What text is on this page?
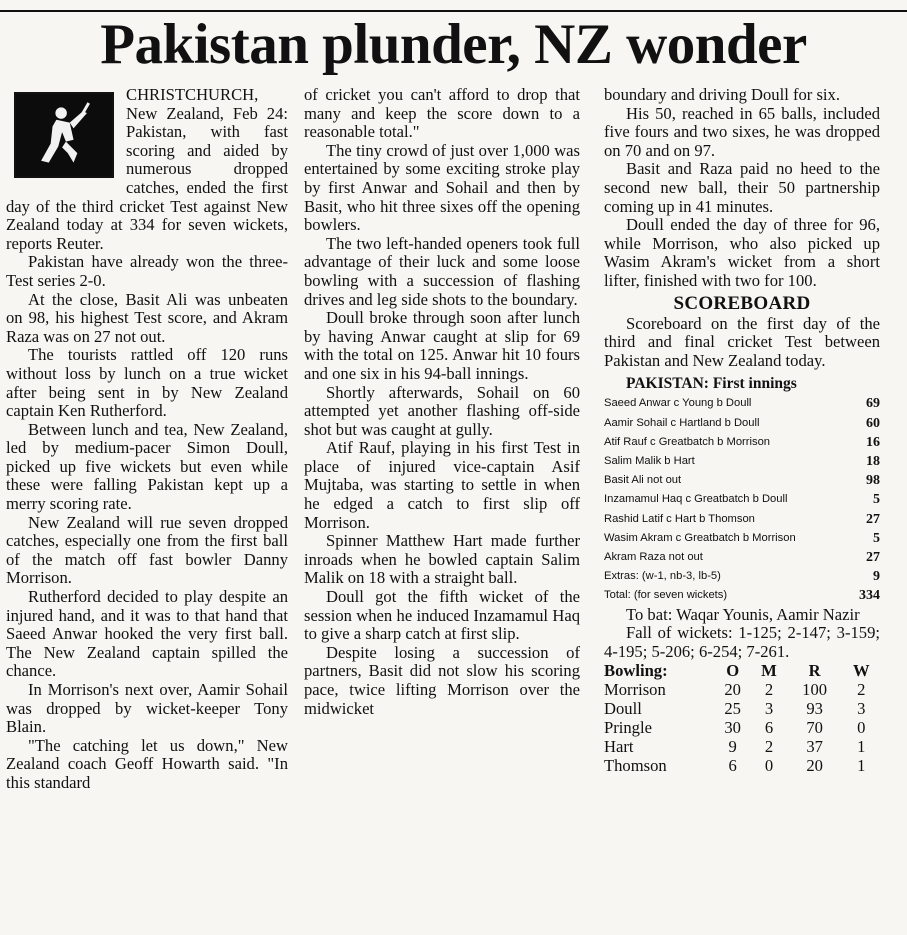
Pakistan plunder, NZ wonder

CHRISTCHURCH, New Zealand, Feb 24: Pakistan, with fast scoring and aided by numerous dropped catches, ended the first day of the third cricket Test against New Zealand today at 334 for seven wickets, reports Reuter.

Pakistan have already won the three-Test series 2-0.

At the close, Basit Ali was unbeaten on 98, his highest Test score, and Akram Raza was on 27 not out.

The tourists rattled off 120 runs without loss by lunch on a true wicket after being sent in by New Zealand captain Ken Rutherford.

Between lunch and tea, New Zealand, led by medium-pacer Simon Doull, picked up five wickets but even while these were falling Pakistan kept up a merry scoring rate.

New Zealand will rue seven dropped catches, especially one from the first ball of the match off fast bowler Danny Morrison.

Rutherford decided to play despite an injured hand, and it was to that hand that Saeed Anwar hooked the very first ball. The New Zealand captain spilled the chance.

In Morrison's next over, Aamir Sohail was dropped by wicket-keeper Tony Blain.

"The catching let us down," New Zealand coach Geoff Howarth said. "In this standard

of cricket you can't afford to drop that many and keep the score down to a reasonable total."

The tiny crowd of just over 1,000 was entertained by some exciting stroke play by first Anwar and Sohail and then by Basit, who hit three sixes off the opening bowlers.

The two left-handed openers took full advantage of their luck and some loose bowling with a succession of flashing drives and leg side shots to the boundary.

Doull broke through soon after lunch by having Anwar caught at slip for 69 with the total on 125. Anwar hit 10 fours and one six in his 94-ball innings.

Shortly afterwards, Sohail on 60 attempted yet another flashing off-side shot but was caught at gully.

Atif Rauf, playing in his first Test in place of injured vice-captain Asif Mujtaba, was starting to settle in when he edged a catch to first slip off Morrison.

Spinner Matthew Hart made further inroads when he bowled captain Salim Malik on 18 with a straight ball.

Doull got the fifth wicket of the session when he induced Inzamamul Haq to give a sharp catch at first slip.

Despite losing a succession of partners, Basit did not slow his scoring pace, twice lifting Morrison over the midwicket

boundary and driving Doull for six.

His 50, reached in 65 balls, included five fours and two sixes, he was dropped on 70 and on 97.

Basit and Raza paid no heed to the second new ball, their 50 partnership coming up in 41 minutes.

Doull ended the day of three for 96, while Morrison, who also picked up Wasim Akram's wicket from a short lifter, finished with two for 100.

SCOREBOARD

Scoreboard on the first day of the third and final cricket Test between Pakistan and New Zealand today.

PAKISTAN: First innings
Saeed Anwar c Young b Doull	69
Aamir Sohail c Hartland b Doull	60
Atif Rauf c Greatbatch b Morrison	16
Salim Malik b Hart	18
Basit Ali not out	98
Inzamamul Haq c Greatbatch b Doull	5
Rashid Latif c Hart b Thomson	27
Wasim Akram c Greatbatch b Morrison	5
Akram Raza not out	27
Extras: (w-1, nb-3, lb-5)	9
Total: (for seven wickets)	334

To bat: Waqar Younis, Aamir Nazir

Fall of wickets: 1-125; 2-147; 3-159; 4-195; 5-206; 6-254; 7-261.

Bowling:	O	M	R	W
Morrison	20	2	100	2
Doull	25	3	93	3
Pringle	30	6	70	0
Hart	9	2	37	1
Thomson	6	0	20	1
